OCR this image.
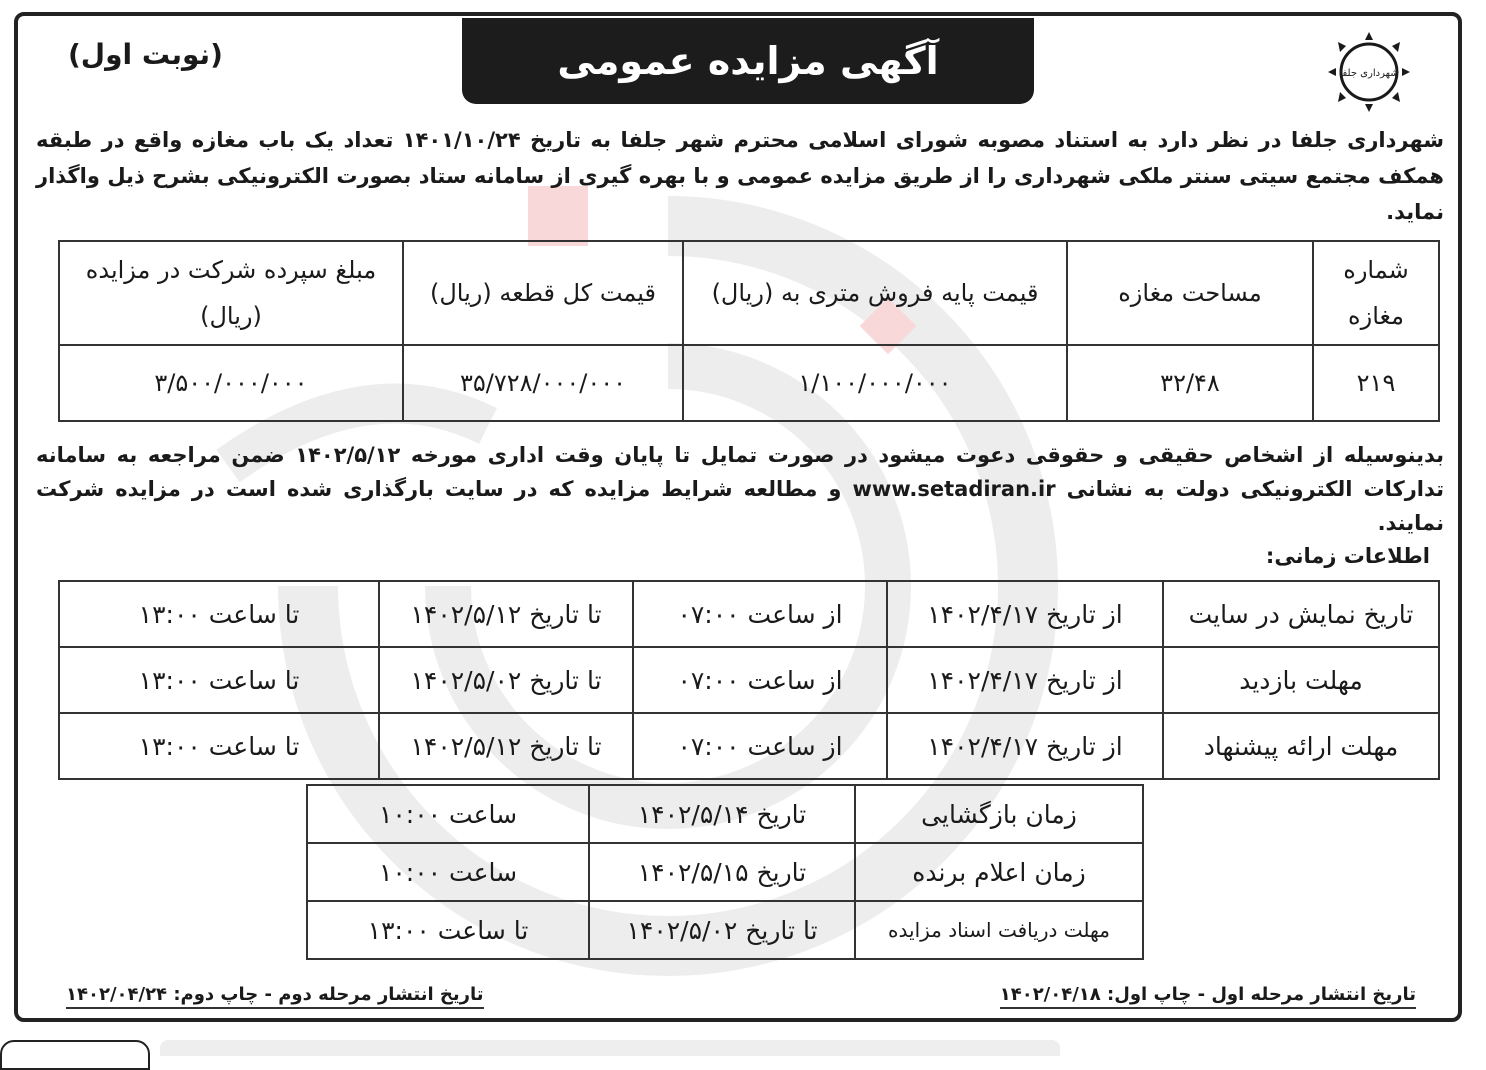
آگهی مزایده عمومی
(نوبت اول)
شهرداری جلفا
شهرداری جلفا در نظر دارد به استناد مصوبه شورای اسلامی محترم شهر جلفا به تاریخ ۱۴۰۱/۱۰/۲۴ تعداد یک باب مغازه واقع در طبقه همکف مجتمع سیتی سنتر ملکی شهرداری را از طریق مزایده عمومی و با بهره گیری از سامانه ستاد بصورت الکترونیکی بشرح ذیل واگذار نماید.
شماره مغازه	مساحت مغازه	قیمت پایه فروش متری به (ریال)	قیمت کل قطعه (ریال)	مبلغ سپرده شرکت در مزایده (ریال)
۲۱۹	۳۲/۴۸	۱/۱۰۰/۰۰۰/۰۰۰	۳۵/۷۲۸/۰۰۰/۰۰۰	۳/۵۰۰/۰۰۰/۰۰۰
بدینوسیله از اشخاص حقیقی و حقوقی دعوت میشود در صورت تمایل تا پایان وقت اداری مورخه ۱۴۰۲/۵/۱۲ ضمن مراجعه به سامانه تدارکات الکترونیکی دولت به نشانی www.setadiran.ir و مطالعه شرایط مزایده که در سایت بارگذاری شده است در مزایده شرکت نمایند.
اطلاعات زمانی:
تاریخ نمایش در سایت	از تاریخ ۱۴۰۲/۴/۱۷	از ساعت ۰۷:۰۰	تا تاریخ ۱۴۰۲/۵/۱۲	تا ساعت ۱۳:۰۰
مهلت بازدید	از تاریخ ۱۴۰۲/۴/۱۷	از ساعت ۰۷:۰۰	تا تاریخ ۱۴۰۲/۵/۰۲	تا ساعت ۱۳:۰۰
مهلت ارائه پیشنهاد	از تاریخ ۱۴۰۲/۴/۱۷	از ساعت ۰۷:۰۰	تا تاریخ ۱۴۰۲/۵/۱۲	تا ساعت ۱۳:۰۰
زمان بازگشایی	تاریخ ۱۴۰۲/۵/۱۴	ساعت ۱۰:۰۰
زمان اعلام برنده	تاریخ ۱۴۰۲/۵/۱۵	ساعت ۱۰:۰۰
مهلت دریافت اسناد مزایده	تا تاریخ ۱۴۰۲/۵/۰۲	تا ساعت ۱۳:۰۰
تاریخ انتشار مرحله اول - چاپ اول: ۱۴۰۲/۰۴/۱۸
تاریخ انتشار مرحله دوم - چاپ دوم: ۱۴۰۲/۰۴/۲۴
